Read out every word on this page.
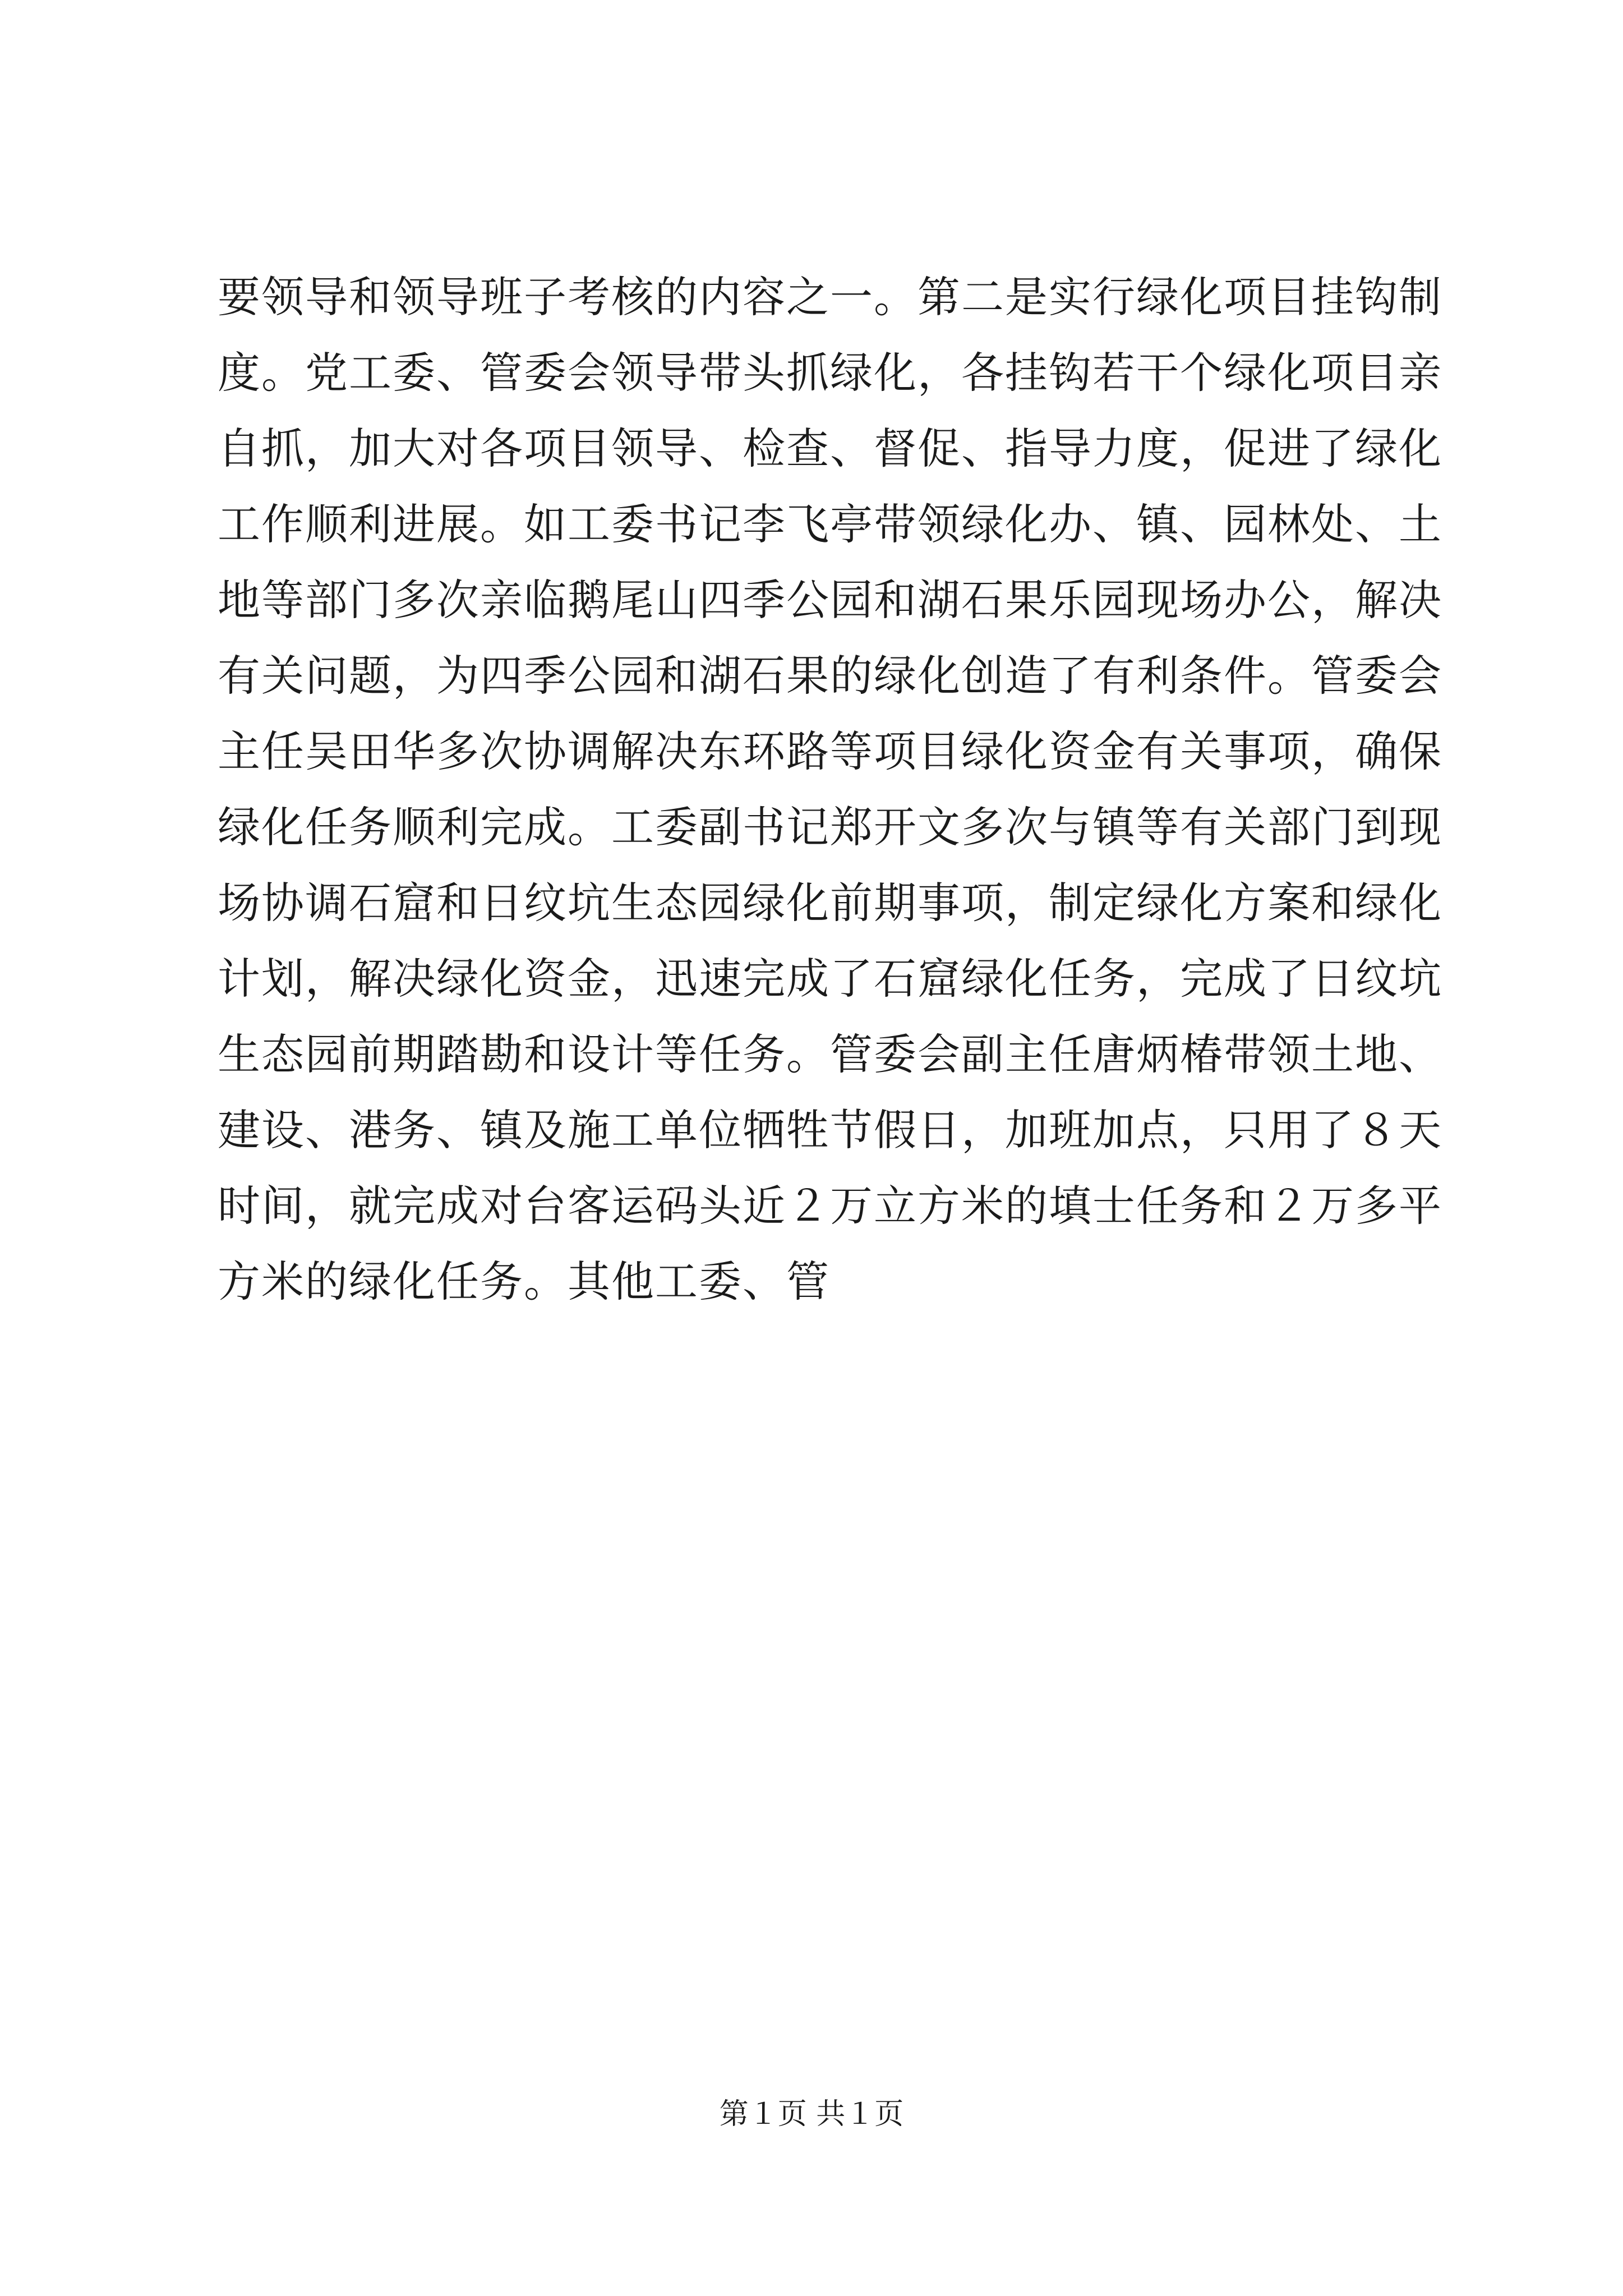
要领导和领导班子考核的内容之一。第二是实行绿化项目挂钩制
度。党工委、管委会领导带头抓绿化，各挂钩若干个绿化项目亲
自抓，加大对各项目领导、检查、督促、指导力度，促进了绿化
工作顺利进展。如工委书记李飞亭带领绿化办、镇、园林处、土
地等部门多次亲临鹅尾山四季公园和湖石果乐园现场办公，解决
有关问题，为四季公园和湖石果的绿化创造了有利条件。管委会
主任吴田华多次协调解决东环路等项目绿化资金有关事项，确保
绿化任务顺利完成。工委副书记郑开文多次与镇等有关部门到现
场协调石窟和日纹坑生态园绿化前期事项，制定绿化方案和绿化
计划，解决绿化资金，迅速完成了石窟绿化任务，完成了日纹坑
生态园前期踏勘和设计等任务。管委会副主任唐炳椿带领土地、
建设、港务、镇及施工单位牺牲节假日，加班加点，只用了８天
时间，就完成对台客运码头近２万立方米的填士任务和２万多平
方米的绿化任务。其他工委、管
第１页 共１页
